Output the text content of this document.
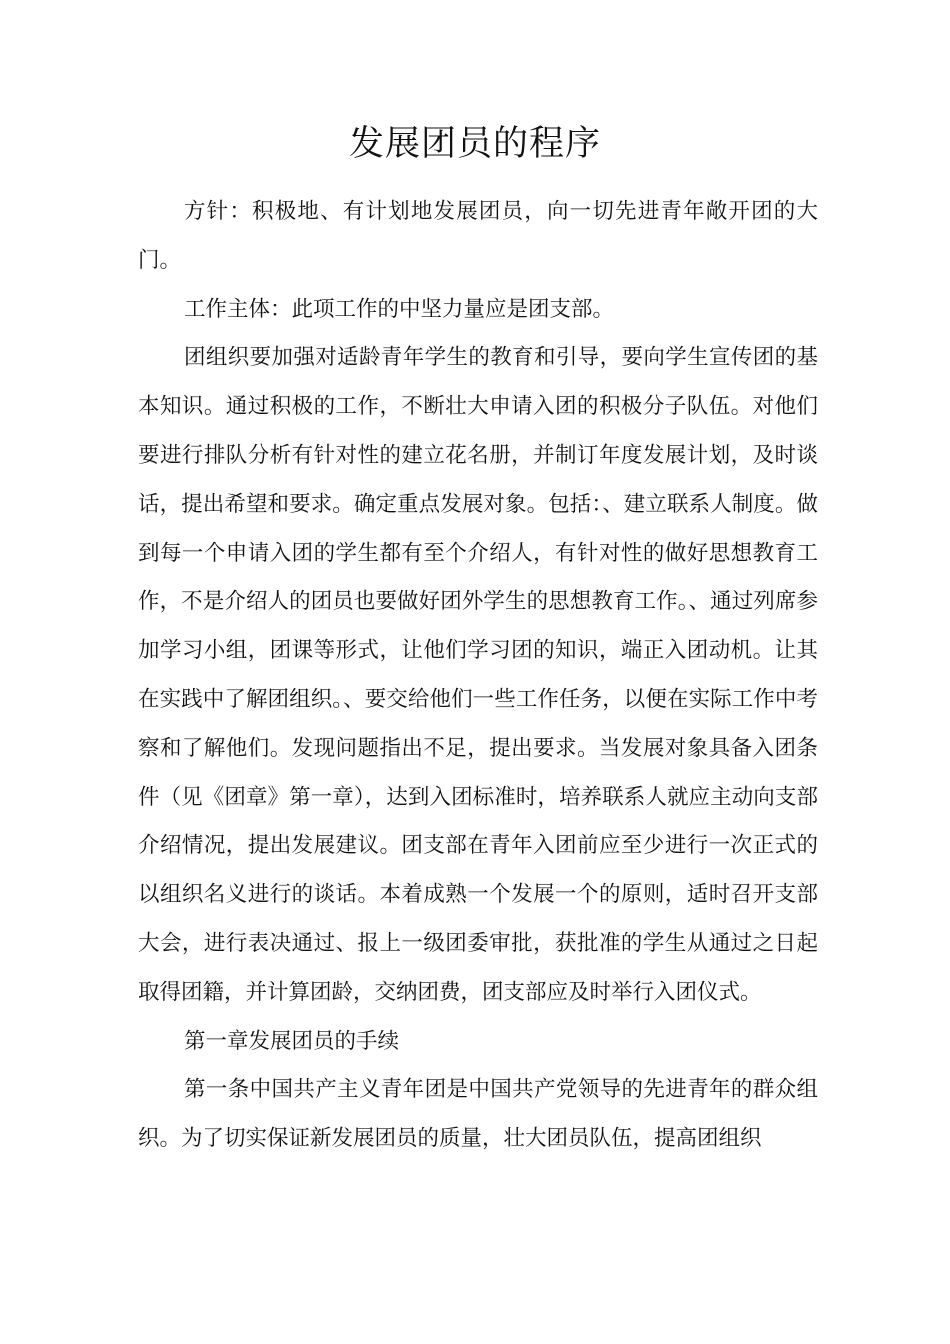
发展团员的程序

方针：积极地、有计划地发展团员，向一切先进青年敞开团的大门。

工作主体：此项工作的中坚力量应是团支部。

团组织要加强对适龄青年学生的教育和引导，要向学生宣传团的基本知识。通过积极的工作，不断壮大申请入团的积极分子队伍。对他们要进行排队分析有针对性的建立花名册，并制订年度发展计划，及时谈话，提出希望和要求。确定重点发展对象。包括：、建立联系人制度。做到每一个申请入团的学生都有至个介绍人，有针对性的做好思想教育工作，不是介绍人的团员也要做好团外学生的思想教育工作。、通过列席参加学习小组，团课等形式，让他们学习团的知识，端正入团动机。让其在实践中了解团组织。、要交给他们一些工作任务，以便在实际工作中考察和了解他们。发现问题指出不足，提出要求。当发展对象具备入团条件（见《团章》第一章），达到入团标准时，培养联系人就应主动向支部介绍情况，提出发展建议。团支部在青年入团前应至少进行一次正式的以组织名义进行的谈话。本着成熟一个发展一个的原则，适时召开支部大会，进行表决通过、报上一级团委审批，获批准的学生从通过之日起取得团籍，并计算团龄，交纳团费，团支部应及时举行入团仪式。

第一章发展团员的手续

第一条中国共产主义青年团是中国共产党领导的先进青年的群众组织。为了切实保证新发展团员的质量，壮大团员队伍，提高团组织
